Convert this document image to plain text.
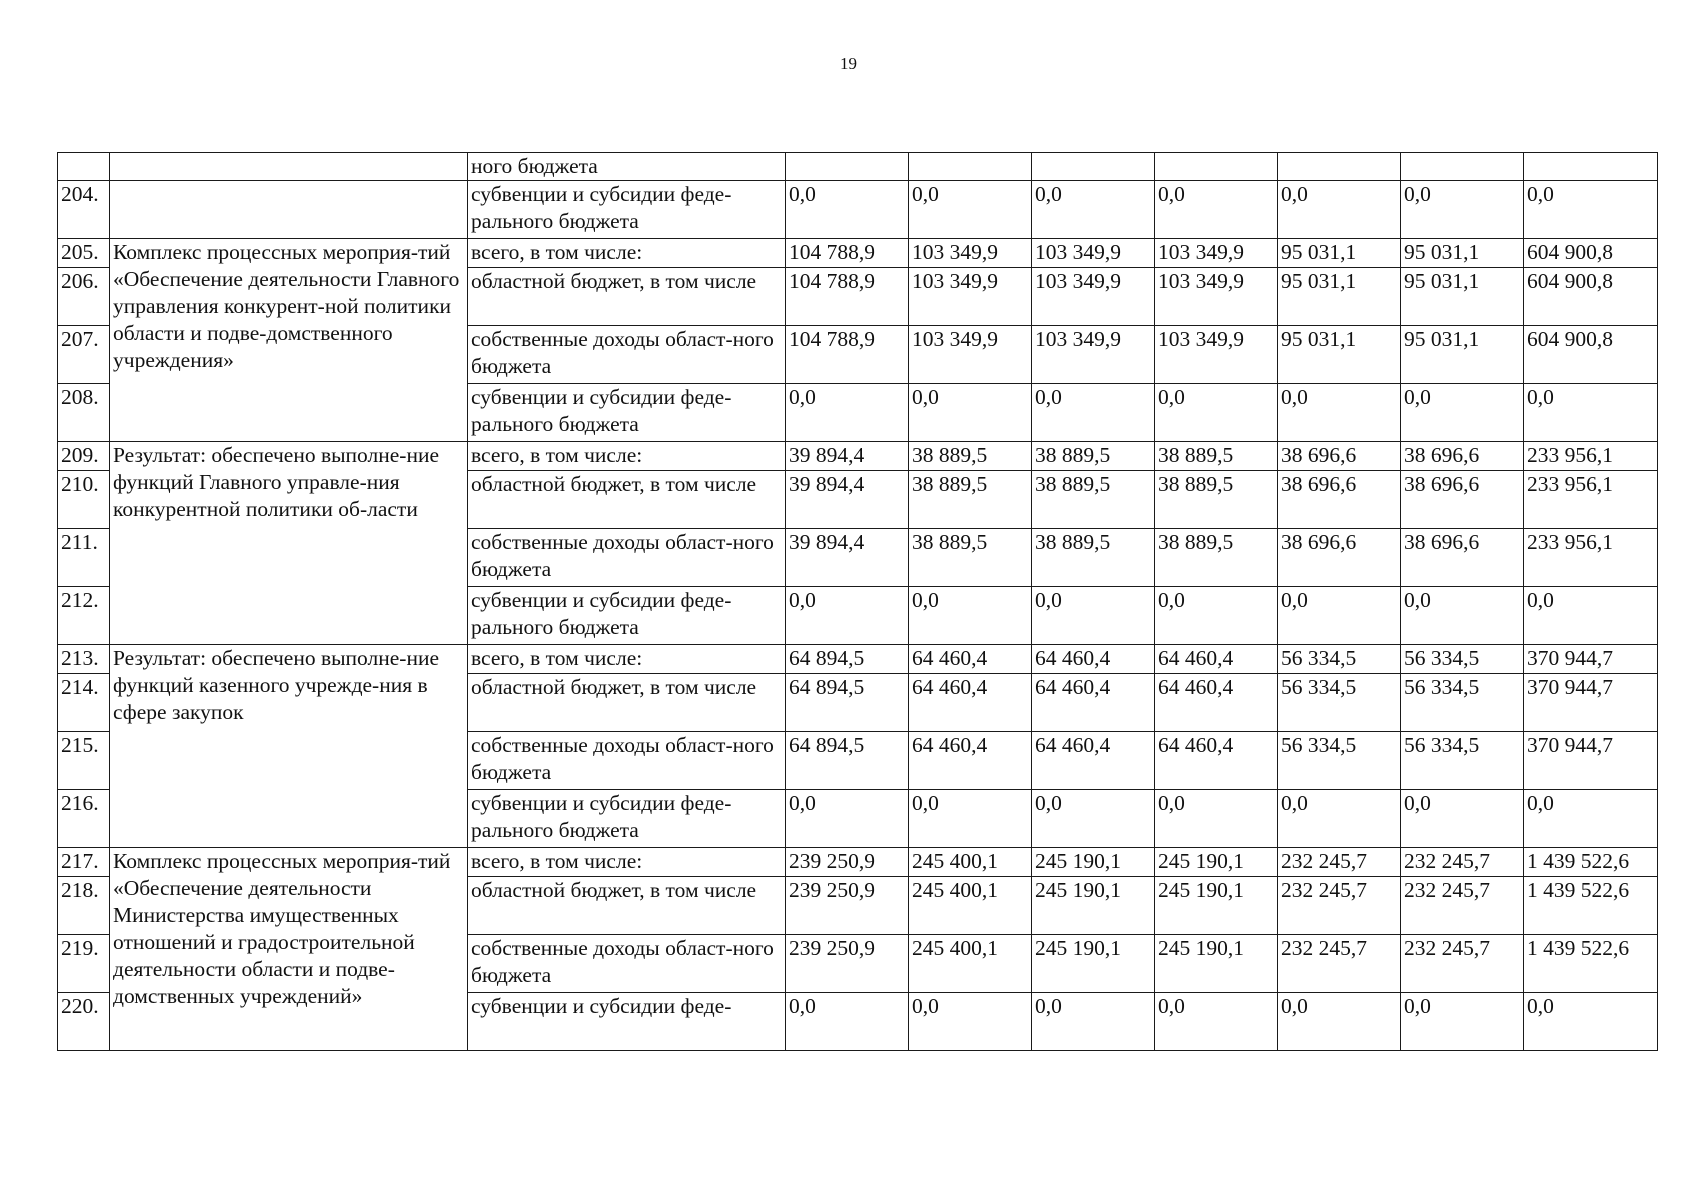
19
		ного бюджета							
204.		субвенции и субсидии феде-рального бюджета	0,0	0,0	0,0	0,0	0,0	0,0	0,0
205.	Комплекс процессных мероприя-тий «Обеспечение деятельности Главного управления конкурент-ной политики области и подве-домственного учреждения»	всего, в том числе:	104 788,9	103 349,9	103 349,9	103 349,9	95 031,1	95 031,1	604 900,8
206.		областной бюджет, в том числе	104 788,9	103 349,9	103 349,9	103 349,9	95 031,1	95 031,1	604 900,8
207.		собственные доходы област-ного бюджета	104 788,9	103 349,9	103 349,9	103 349,9	95 031,1	95 031,1	604 900,8
208.		субвенции и субсидии феде-рального бюджета	0,0	0,0	0,0	0,0	0,0	0,0	0,0
209.	Результат: обеспечено выполне-ние функций Главного управле-ния конкурентной политики об-ласти	всего, в том числе:	39 894,4	38 889,5	38 889,5	38 889,5	38 696,6	38 696,6	233 956,1
210.		областной бюджет, в том числе	39 894,4	38 889,5	38 889,5	38 889,5	38 696,6	38 696,6	233 956,1
211.		собственные доходы област-ного бюджета	39 894,4	38 889,5	38 889,5	38 889,5	38 696,6	38 696,6	233 956,1
212.		субвенции и субсидии феде-рального бюджета	0,0	0,0	0,0	0,0	0,0	0,0	0,0
213.	Результат: обеспечено выполне-ние функций казенного учрежде-ния в сфере закупок	всего, в том числе:	64 894,5	64 460,4	64 460,4	64 460,4	56 334,5	56 334,5	370 944,7
214.		областной бюджет, в том числе	64 894,5	64 460,4	64 460,4	64 460,4	56 334,5	56 334,5	370 944,7
215.		собственные доходы област-ного бюджета	64 894,5	64 460,4	64 460,4	64 460,4	56 334,5	56 334,5	370 944,7
216.		субвенции и субсидии феде-рального бюджета	0,0	0,0	0,0	0,0	0,0	0,0	0,0
217.	Комплекс процессных мероприя-тий «Обеспечение деятельности Министерства имущественных отношений и градостроительной деятельности области и подве-домственных учреждений»	всего, в том числе:	239 250,9	245 400,1	245 190,1	245 190,1	232 245,7	232 245,7	1 439 522,6
218.		областной бюджет, в том числе	239 250,9	245 400,1	245 190,1	245 190,1	232 245,7	232 245,7	1 439 522,6
219.		собственные доходы област-ного бюджета	239 250,9	245 400,1	245 190,1	245 190,1	232 245,7	232 245,7	1 439 522,6
220.		субвенции и субсидии феде-	0,0	0,0	0,0	0,0	0,0	0,0	0,0
